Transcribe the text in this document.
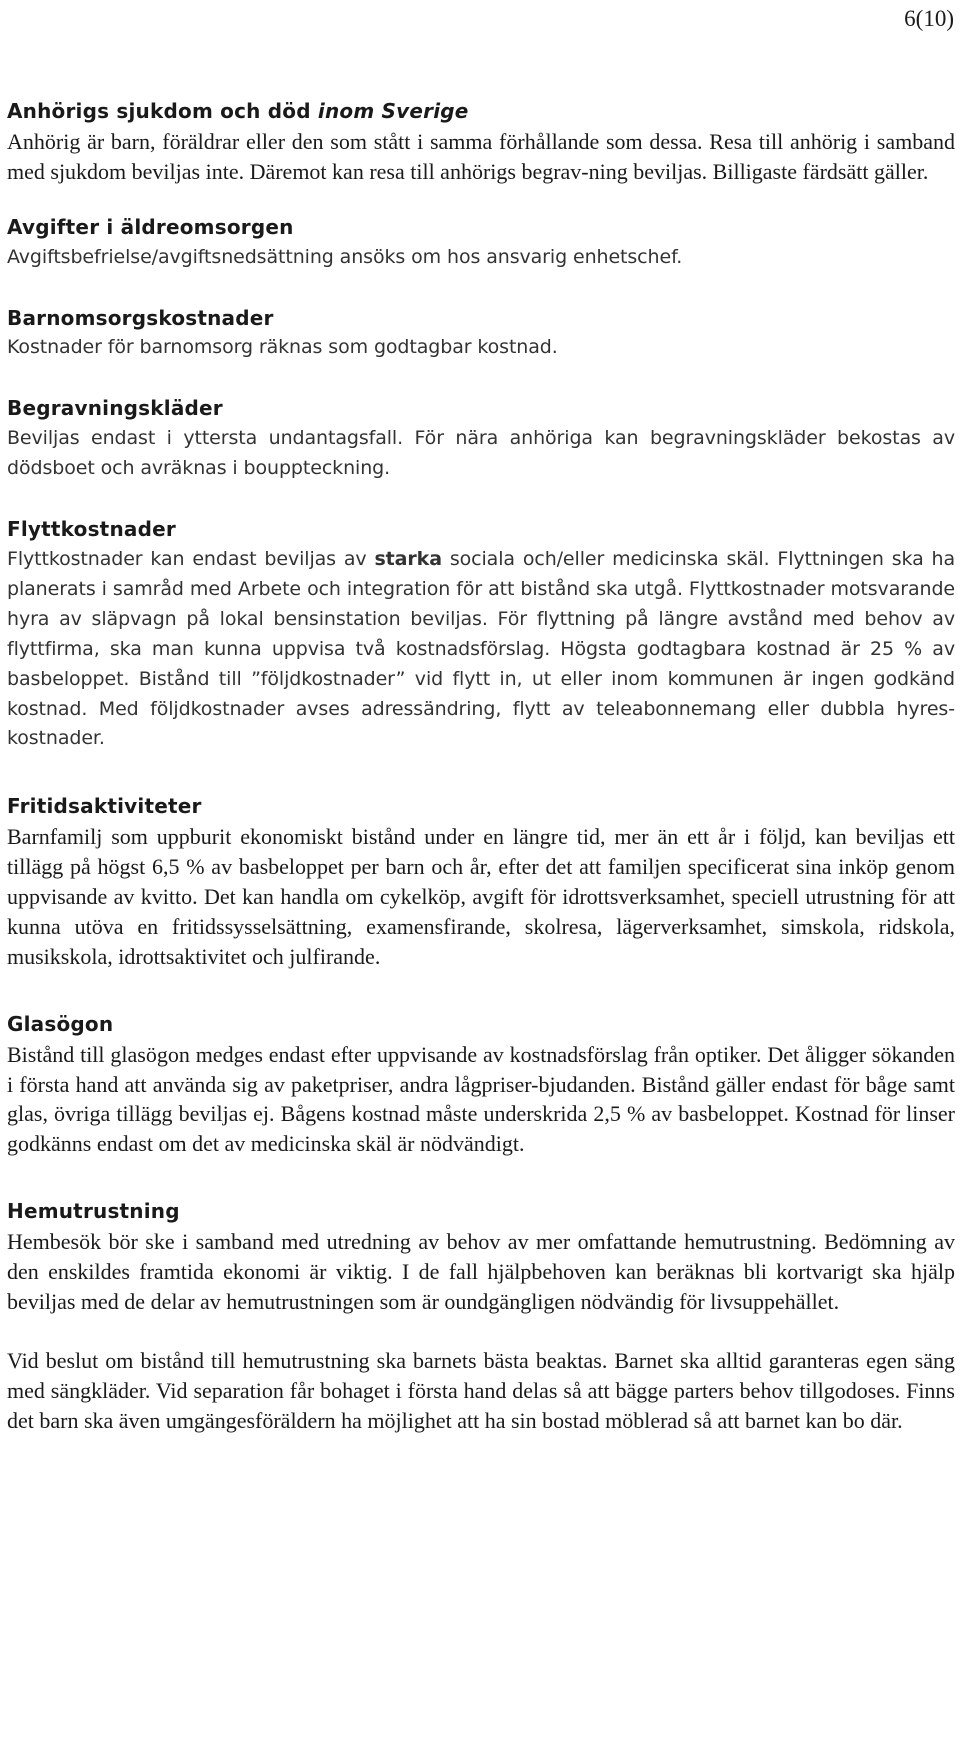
6(10)
Anhörigs sjukdom och död inom Sverige

Anhörig är barn, föräldrar eller den som stått i samma förhållande som dessa. Resa till anhörig i samband med sjukdom beviljas inte. Däremot kan resa till anhörigs begrav-ning beviljas. Billigaste färdsätt gäller.

Avgifter i äldreomsorgen

Avgiftsbefrielse/avgiftsnedsättning ansöks om hos ansvarig enhetschef.

Barnomsorgskostnader

Kostnader för barnomsorg räknas som godtagbar kostnad.

Begravningskläder

Beviljas endast i yttersta undantagsfall. För nära anhöriga kan begravningskläder bekostas av dödsboet och avräknas i bouppteckning.

Flyttkostnader

Flyttkostnader kan endast beviljas av starka sociala och/eller medicinska skäl. Flyttningen ska ha planerats i samråd med Arbete och integration för att bistånd ska utgå. Flyttkostnader motsvarande hyra av släpvagn på lokal bensinstation beviljas. För flyttning på längre avstånd med behov av flyttfirma, ska man kunna uppvisa två kostnadsförslag. Högsta godtagbara kostnad är 25 % av basbeloppet. Bistånd till ”följdkostnader” vid flytt in, ut eller inom kommunen är ingen godkänd kostnad. Med följdkostnader avses adressändring, flytt av teleabonnemang eller dubbla hyres-kostnader.

Fritidsaktiviteter

Barnfamilj som uppburit ekonomiskt bistånd under en längre tid, mer än ett år i följd, kan beviljas ett tillägg på högst 6,5 % av basbeloppet per barn och år, efter det att familjen specificerat sina inköp genom uppvisande av kvitto. Det kan handla om cykelköp, avgift för idrottsverksamhet, speciell utrustning för att kunna utöva en fritidssysselsättning, examensfirande, skolresa, lägerverksamhet, simskola, ridskola, musikskola, idrottsaktivitet och julfirande.

Glasögon

Bistånd till glasögon medges endast efter uppvisande av kostnadsförslag från optiker. Det åligger sökanden i första hand att använda sig av paketpriser, andra lågpriser-bjudanden. Bistånd gäller endast för båge samt glas, övriga tillägg beviljas ej. Bågens kostnad måste underskrida 2,5 % av basbeloppet. Kostnad för linser godkänns endast om det av medicinska skäl är nödvändigt.

Hemutrustning

Hembesök bör ske i samband med utredning av behov av mer omfattande hemutrustning. Bedömning av den enskildes framtida ekonomi är viktig. I de fall hjälpbehoven kan beräknas bli kortvarigt ska hjälp beviljas med de delar av hemutrustningen som är oundgängligen nödvändig för livsuppehället.

Vid beslut om bistånd till hemutrustning ska barnets bästa beaktas. Barnet ska alltid garanteras egen säng med sängkläder. Vid separation får bohaget i första hand delas så att bägge parters behov tillgodoses. Finns det barn ska även umgängesföräldern ha möjlighet att ha sin bostad möblerad så att barnet kan bo där.
